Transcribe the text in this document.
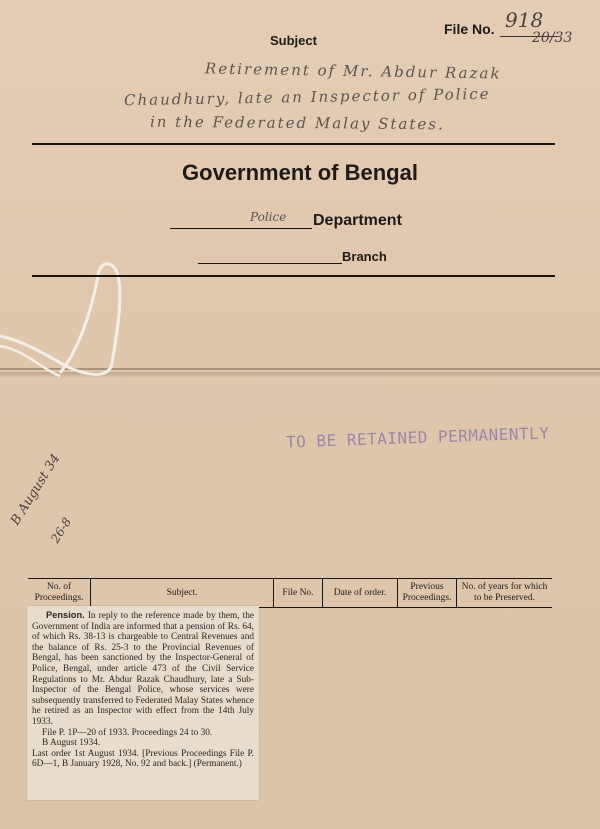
Subject
File No. 918
20/33
Retirement of Mr. Abdur Razak
Chaudhury, late an Inspector of Police
in the Federated Malay States.
Government of Bengal
Police Department
Branch
TO BE RETAINED PERMANENTLY
B August 34
26-8
No. of Proceedings.
Subject.	File No.	Date of order.
Previous Proceedings.
No. of years for which to be Preserved.

Pension. In reply to the reference made by them, the Government of India are informed that a pension of Rs. 64, of which Rs. 38-13 is chargeable to Central Revenues and the balance of Rs. 25-3 to the Provincial Revenues of Bengal, has been sanctioned by the Inspector-General of Police, Bengal, under article 473 of the Civil Service Regulations to Mr. Abdur Razak Chaudhury, late a Sub-Inspector of the Bengal Police, whose services were subsequently transferred to Federated Malay States whence he retired as an Inspector with effect from the 14th July 1933.

File P. 1P—20 of 1933. Proceedings 24 to 30.

B August 1934.

Last order 1st August 1934. [Previous Proceedings File P. 6D—1, B January 1928, No. 92 and back.] (Permanent.)
